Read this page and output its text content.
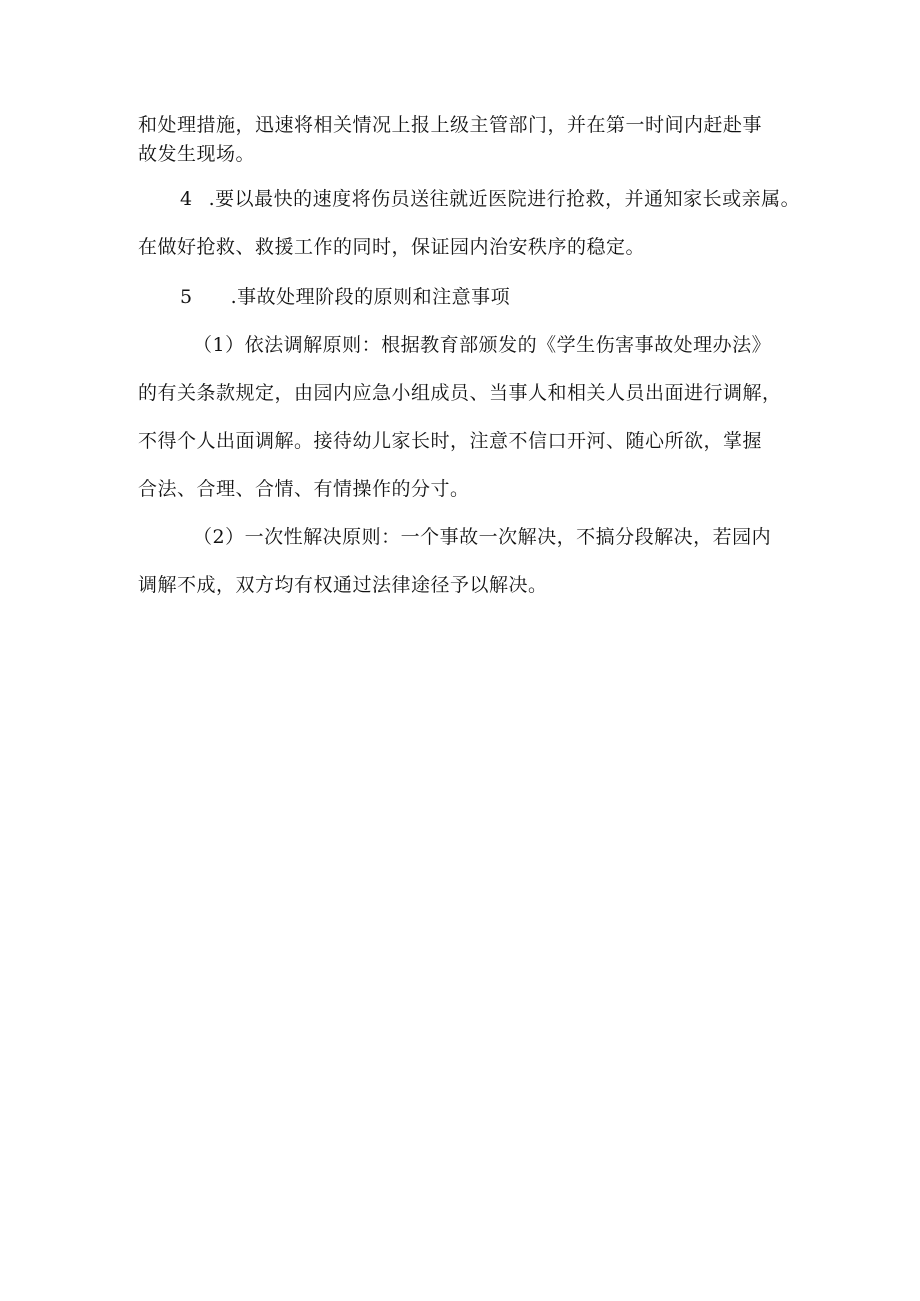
和处理措施，迅速将相关情况上报上级主管部门，并在第一时间内赶赴事
故发生现场。
4 .要以最快的速度将伤员送往就近医院进行抢救，并通知家长或亲属。
在做好抢救、救援工作的同时，保证园内治安秩序的稳定。
5 .事故处理阶段的原则和注意事项
（1）依法调解原则：根据教育部颁发的《学生伤害事故处理办法》
的有关条款规定，由园内应急小组成员、当事人和相关人员出面进行调解，
不得个人出面调解。接待幼儿家长时，注意不信口开河、随心所欲，掌握
合法、合理、合情、有情操作的分寸。
（2）一次性解决原则：一个事故一次解决，不搞分段解决，若园内
调解不成，双方均有权通过法律途径予以解决。
